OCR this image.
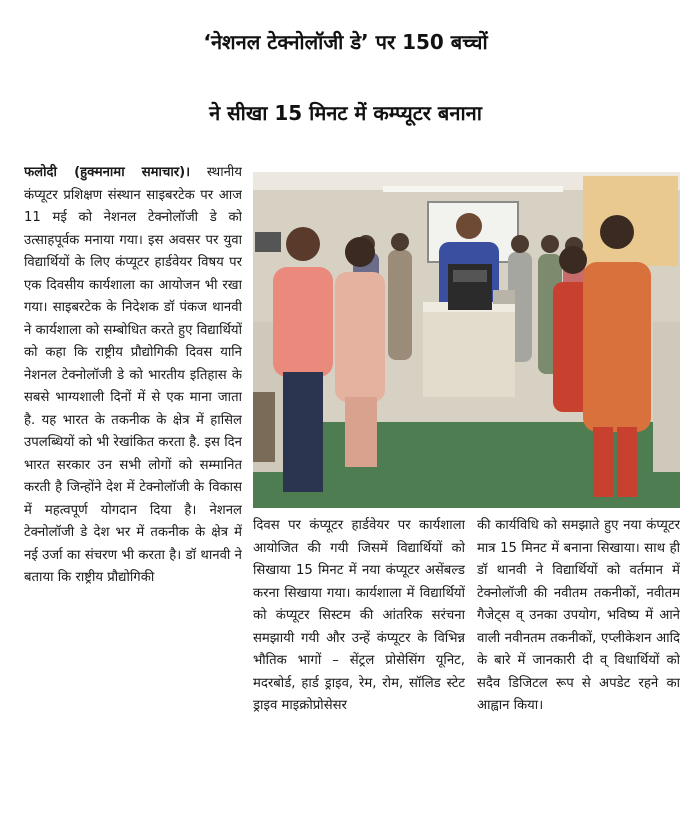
‘नेशनल टेक्नोलॉजी डे’ पर 150 बच्चों
ने सीखा 15 मिनट में कम्प्यूटर बनाना
फलोदी (हुक्मनामा समाचार)। स्थानीय कंप्यूटर प्रशिक्षण संस्थान साइबरटेक पर आज 11 मई को नेशनल टेक्नोलॉजी डे को उत्साहपूर्वक मनाया गया। इस अवसर पर युवा विद्यार्थियों के लिए कंप्यूटर हार्डवेयर विषय पर एक दिवसीय कार्यशाला का आयोजन भी रखा गया। साइबरटेक के निदेशक डॉ पंकज थानवी ने कार्यशाला को सम्बोधित करते हुए विद्यार्थियों को कहा कि राष्ट्रीय प्रौद्योगिकी दिवस यानि नेशनल टेक्नोलॉजी डे को भारतीय इतिहास के सबसे भाग्यशाली दिनों में से एक माना जाता है. यह भारत के तकनीक के क्षेत्र में हासिल उपलब्धियों को भी रेखांकित करता है. इस दिन भारत सरकार उन सभी लोगों को सम्मानित करती है जिन्होंने देश में टेक्नोलॉजी के विकास में महत्वपूर्ण योगदान दिया है। नेशनल टेक्नोलॉजी डे देश भर में तकनीक के क्षेत्र में नई उर्जा का संचरण भी करता है। डॉ थानवी ने बताया कि राष्ट्रीय प्रौद्योगिकी
दिवस पर कंप्यूटर हार्डवेयर पर कार्यशाला आयोजित की गयी जिसमें विद्यार्थियों को सिखाया 15 मिनट में नया कंप्यूटर असेंबल्ड करना सिखाया गया। कार्यशाला में विद्यार्थियों को कंप्यूटर सिस्टम की आंतरिक सरंचना समझायी गयी और उन्हें कंप्यूटर के विभिन्न भौतिक भागों – सेंट्रल प्रोसेसिंग यूनिट, मदरबोर्ड, हार्ड ड्राइव, रेम, रोम, सॉलिड स्टेट ड्राइव माइक्रोप्रोसेसर
की कार्यविधि को समझाते हुए नया कंप्यूटर मात्र 15 मिनट में बनाना सिखाया। साथ ही डॉ थानवी ने विद्यार्थियों को वर्तमान में टेक्नोलॉजी की नवीतम तकनीकों, नवीतम गैजेट्स व् उनका उपयोग, भविष्य में आने वाली नवीनतम तकनीकों, एप्लीकेशन आदि के बारे में जानकारी दी व् विधार्थियों को सदैव डिजिटल रूप से अपडेट रहने का आह्वान किया।
